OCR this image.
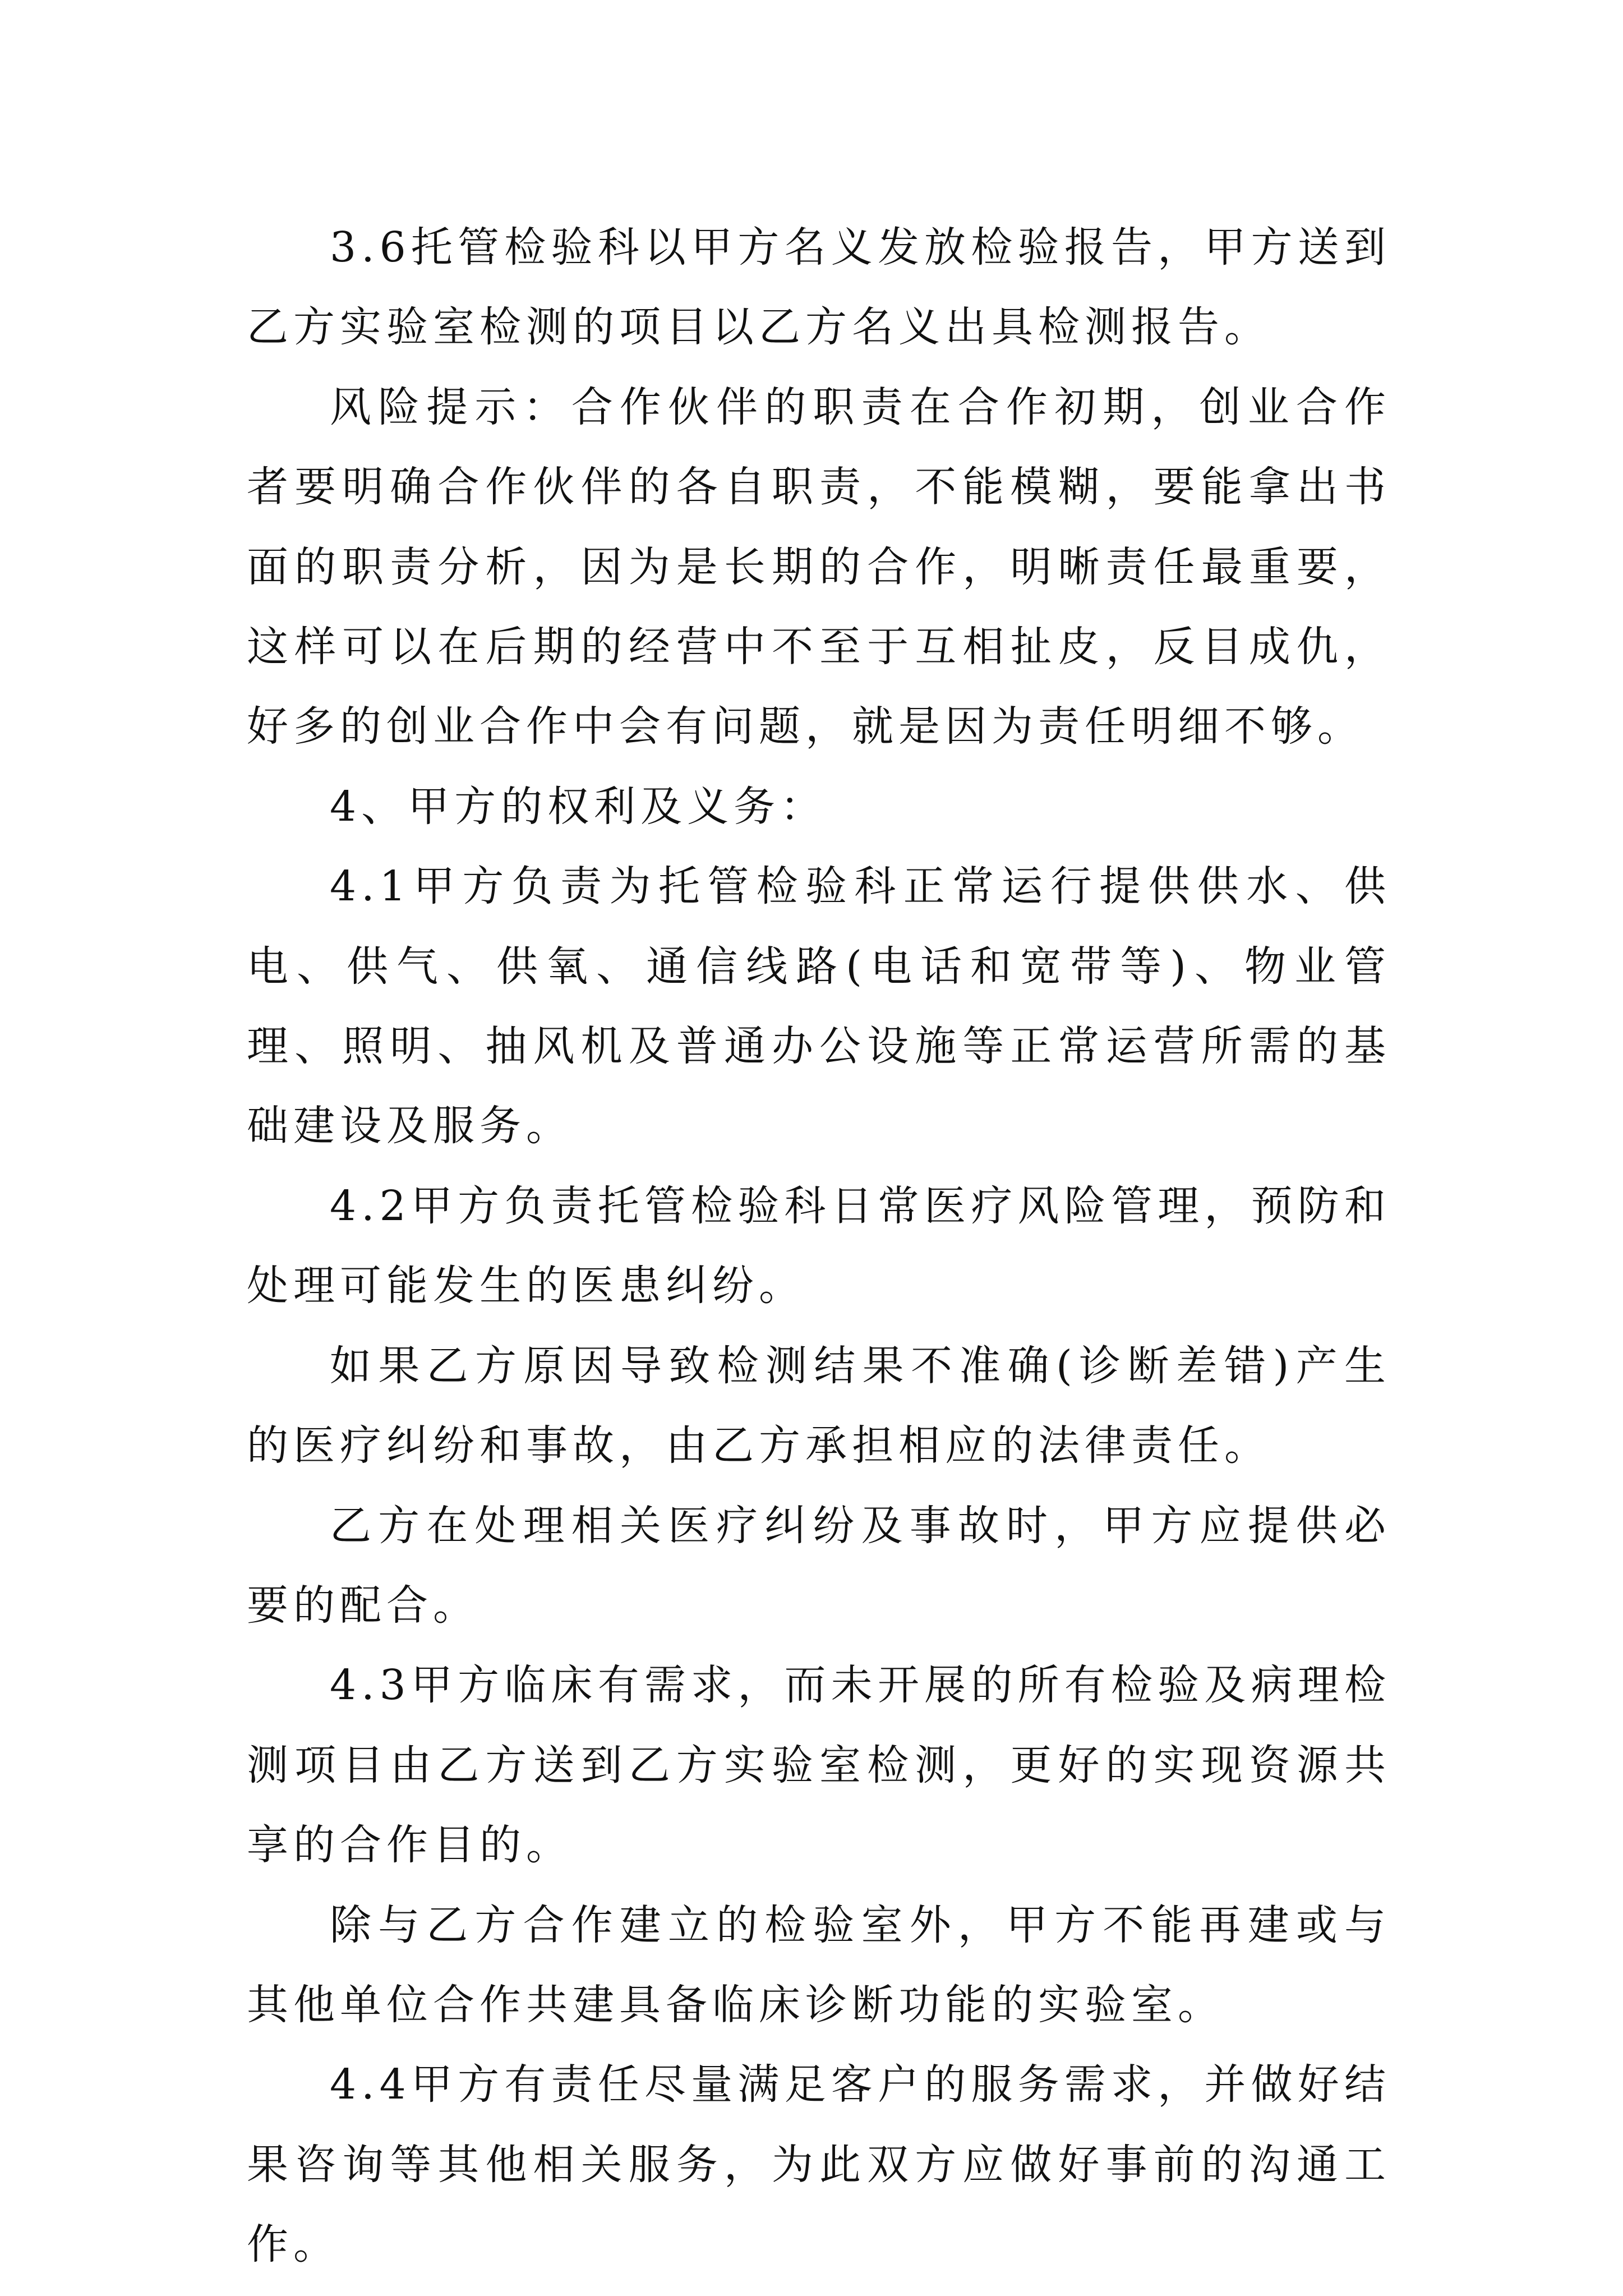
3.6托管检验科以甲方名义发放检验报告，甲方送到乙方实验室检测的项目以乙方名义出具检测报告。

风险提示：合作伙伴的职责在合作初期，创业合作者要明确合作伙伴的各自职责，不能模糊，要能拿出书面的职责分析，因为是长期的合作，明晰责任最重要，这样可以在后期的经营中不至于互相扯皮，反目成仇，好多的创业合作中会有问题，就是因为责任明细不够。

4、甲方的权利及义务：

4.1甲方负责为托管检验科正常运行提供供水、供电、供气、供氧、通信线路(电话和宽带等)、物业管理、照明、抽风机及普通办公设施等正常运营所需的基础建设及服务。

4.2甲方负责托管检验科日常医疗风险管理，预防和处理可能发生的医患纠纷。

如果乙方原因导致检测结果不准确(诊断差错)产生的医疗纠纷和事故，由乙方承担相应的法律责任。

乙方在处理相关医疗纠纷及事故时，甲方应提供必要的配合。

4.3甲方临床有需求，而未开展的所有检验及病理检测项目由乙方送到乙方实验室检测，更好的实现资源共享的合作目的。

除与乙方合作建立的检验室外，甲方不能再建或与其他单位合作共建具备临床诊断功能的实验室。

4.4甲方有责任尽量满足客户的服务需求，并做好结果咨询等其他相关服务，为此双方应做好事前的沟通工作。
